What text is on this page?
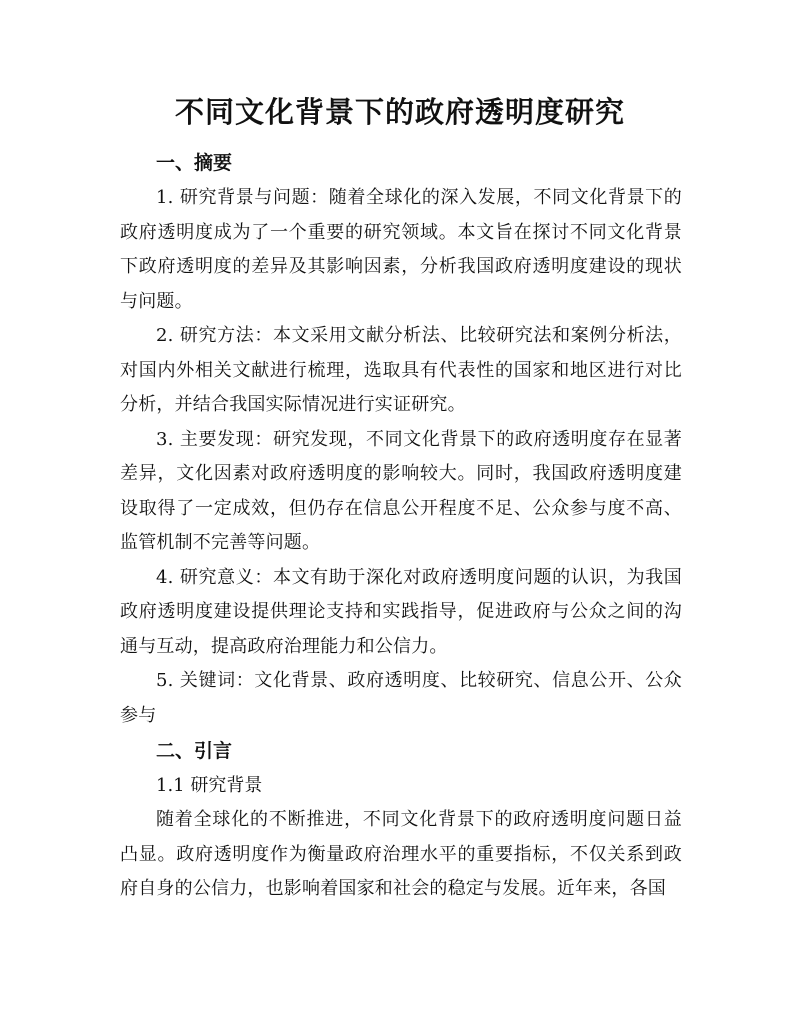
不同文化背景下的政府透明度研究
一、摘要

1. 研究背景与问题：随着全球化的深入发展，不同文化背景下的政府透明度成为了一个重要的研究领域。本文旨在探讨不同文化背景下政府透明度的差异及其影响因素，分析我国政府透明度建设的现状与问题。

2. 研究方法：本文采用文献分析法、比较研究法和案例分析法，对国内外相关文献进行梳理，选取具有代表性的国家和地区进行对比分析，并结合我国实际情况进行实证研究。

3. 主要发现：研究发现，不同文化背景下的政府透明度存在显著差异，文化因素对政府透明度的影响较大。同时，我国政府透明度建设取得了一定成效，但仍存在信息公开程度不足、公众参与度不高、监管机制不完善等问题。

4. 研究意义：本文有助于深化对政府透明度问题的认识，为我国政府透明度建设提供理论支持和实践指导，促进政府与公众之间的沟通与互动，提高政府治理能力和公信力。

5. 关键词：文化背景、政府透明度、比较研究、信息公开、公众参与

二、引言

1.1 研究背景

随着全球化的不断推进，不同文化背景下的政府透明度问题日益凸显。政府透明度作为衡量政府治理水平的重要指标，不仅关系到政府自身的公信力，也影响着国家和社会的稳定与发展。近年来，各国
